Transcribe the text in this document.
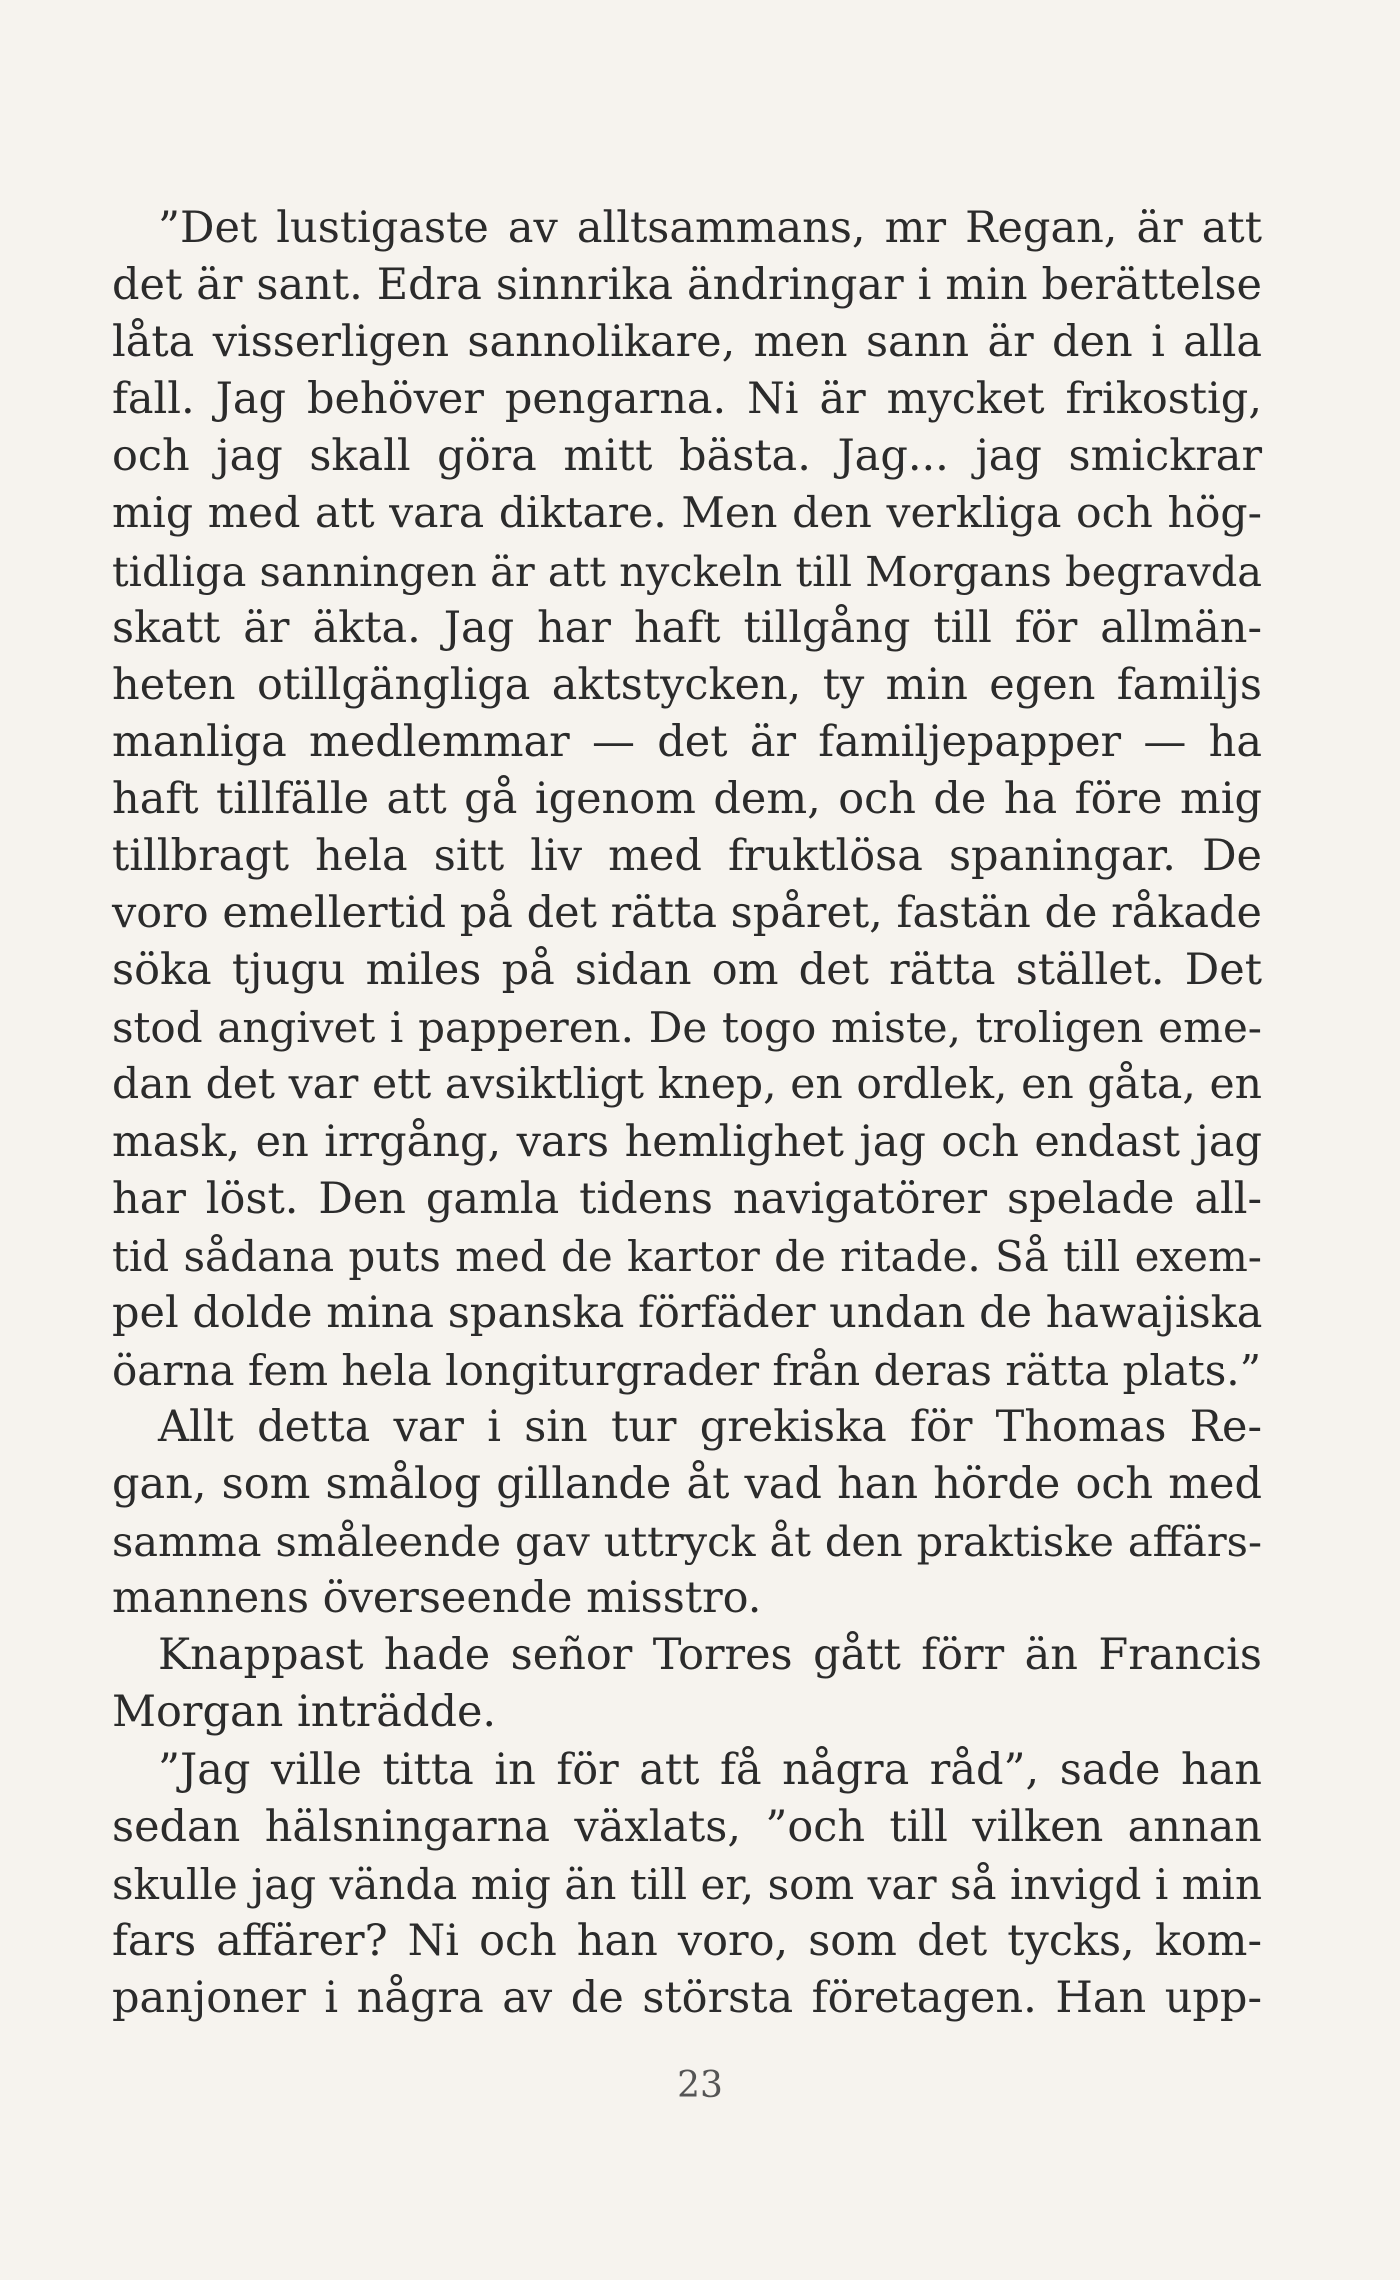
”Det lustigaste av alltsammans, mr Regan, är att
det är sant. Edra sinnrika ändringar i min berättelse
låta visserligen sannolikare, men sann är den i alla
fall. Jag behöver pengarna. Ni är mycket frikostig,
och jag skall göra mitt bästa. Jag... jag smickrar
mig med att vara diktare. Men den verkliga och hög-
tidliga sanningen är att nyckeln till Morgans begravda
skatt är äkta. Jag har haft tillgång till för allmän-
heten otillgängliga aktstycken, ty min egen familjs
manliga medlemmar — det är familjepapper — ha
haft tillfälle att gå igenom dem, och de ha före mig
tillbragt hela sitt liv med fruktlösa spaningar. De
voro emellertid på det rätta spåret, fastän de råkade
söka tjugu miles på sidan om det rätta stället. Det
stod angivet i papperen. De togo miste, troligen eme-
dan det var ett avsiktligt knep, en ordlek, en gåta, en
mask, en irrgång, vars hemlighet jag och endast jag
har löst. Den gamla tidens navigatörer spelade all-
tid sådana puts med de kartor de ritade. Så till exem-
pel dolde mina spanska förfäder undan de hawajiska
öarna fem hela longiturgrader från deras rätta plats.”
Allt detta var i sin tur grekiska för Thomas Re-
gan, som smålog gillande åt vad han hörde och med
samma småleende gav uttryck åt den praktiske affärs-
mannens överseende misstro.
Knappast hade señor Torres gått förr än Francis
Morgan inträdde.
”Jag ville titta in för att få några råd”, sade han
sedan hälsningarna växlats, ”och till vilken annan
skulle jag vända mig än till er, som var så invigd i min
fars affärer? Ni och han voro, som det tycks, kom-
panjoner i några av de största företagen. Han upp-
23
